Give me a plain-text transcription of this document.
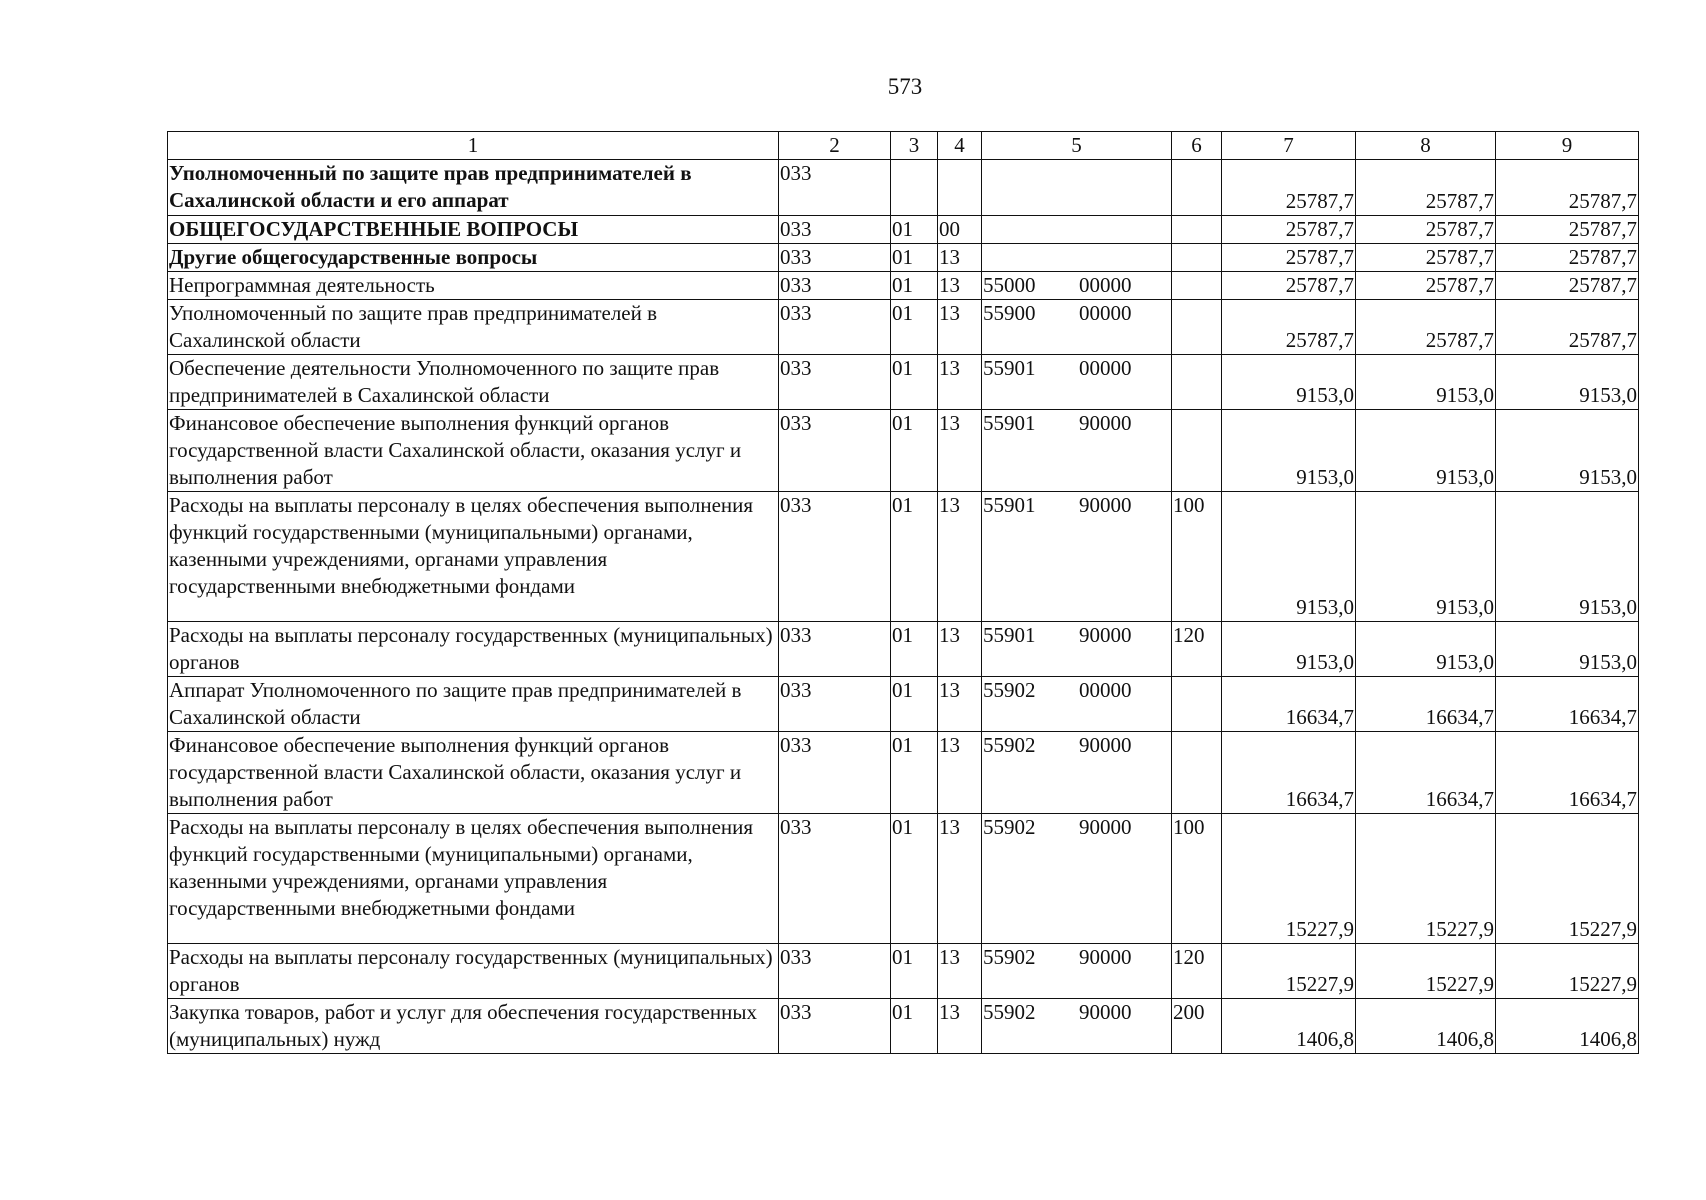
573
1	2	3	4	5	6	7	8	9
Уполномоченный по защите прав предпринимателей в Сахалинской области и его аппарат	033					25787,7	25787,7	25787,7
ОБЩЕГОСУДАРСТВЕННЫЕ ВОПРОСЫ	033	01	00			25787,7	25787,7	25787,7
Другие общегосударственные вопросы	033	01	13			25787,7	25787,7	25787,7
Непрограммная деятельность	033	01	13	55000 00000		25787,7	25787,7	25787,7
Уполномоченный по защите прав предпринимателей в Сахалинской области	033	01	13	55900 00000		25787,7	25787,7	25787,7
Обеспечение деятельности Уполномоченного по защите прав предпринимателей в Сахалинской области	033	01	13	55901 00000		9153,0	9153,0	9153,0
Финансовое обеспечение выполнения функций органов государственной власти Сахалинской области, оказания услуг и выполнения работ	033	01	13	55901 90000		9153,0	9153,0	9153,0
Расходы на выплаты персоналу в целях обеспечения выполнения функций государственными (муниципальными) органами, казенными учреждениями, органами управления государственными внебюджетными фондами	033	01	13	55901 90000	100	9153,0	9153,0	9153,0
Расходы на выплаты персоналу государственных (муниципальных) органов	033	01	13	55901 90000	120	9153,0	9153,0	9153,0
Аппарат Уполномоченного по защите прав предпринимателей в Сахалинской области	033	01	13	55902 00000		16634,7	16634,7	16634,7
Финансовое обеспечение выполнения функций органов государственной власти Сахалинской области, оказания услуг и выполнения работ	033	01	13	55902 90000		16634,7	16634,7	16634,7
Расходы на выплаты персоналу в целях обеспечения выполнения функций государственными (муниципальными) органами, казенными учреждениями, органами управления государственными внебюджетными фондами	033	01	13	55902 90000	100	15227,9	15227,9	15227,9
Расходы на выплаты персоналу государственных (муниципальных) органов	033	01	13	55902 90000	120	15227,9	15227,9	15227,9
Закупка товаров, работ и услуг для обеспечения государственных (муниципальных) нужд	033	01	13	55902 90000	200	1406,8	1406,8	1406,8
